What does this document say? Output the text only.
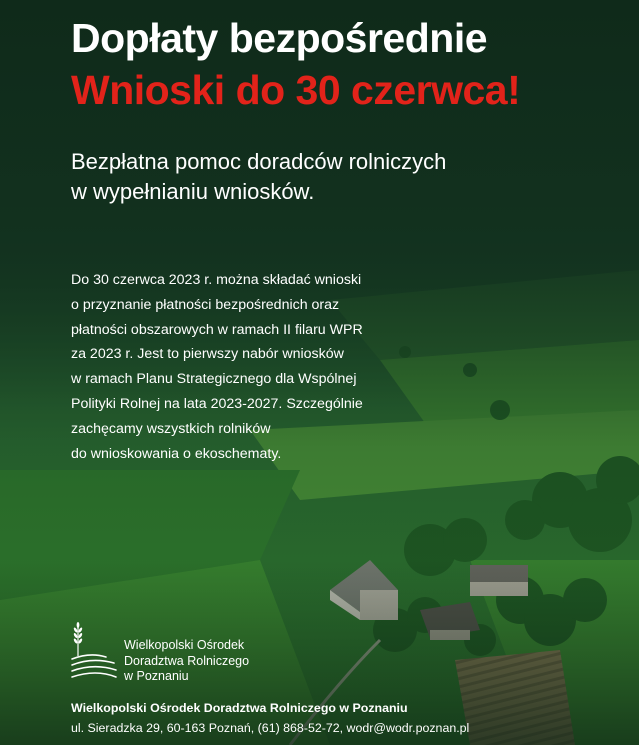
Dopłaty bezpośrednie
Wnioski do 30 czerwca!

Bezpłatna pomoc doradców rolniczych
w wypełnianiu wniosków.

Do 30 czerwca 2023 r. można składać wnioski
o przyznanie płatności bezpośrednich oraz
płatności obszarowych w ramach II filaru WPR
za 2023 r. Jest to pierwszy nabór wniosków
w ramach Planu Strategicznego dla Wspólnej
Polityki Rolnej na lata 2023-2027. Szczególnie
zachęcamy wszystkich rolników
do wnioskowania o ekoschematy.

Wielkopolski Ośrodek
Doradztwa Rolniczego
w Poznaniu

Wielkopolski Ośrodek Doradztwa Rolniczego w Poznaniu

ul. Sieradzka 29, 60-163 Poznań, (61) 868-52-72, wodr@wodr.poznan.pl
